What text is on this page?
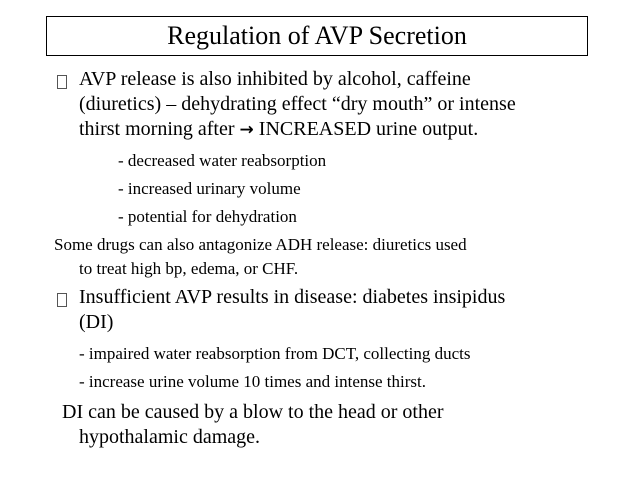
Regulation of AVP Secretion
AVP release is also inhibited by alcohol, caffeine
(diuretics) – dehydrating effect “dry mouth” or intense
thirst morning after → INCREASED urine output.
- decreased water reabsorption
- increased urinary volume
- potential for dehydration
Some drugs can also antagonize ADH release: diuretics used
to treat high bp, edema, or CHF.
Insufficient AVP results in disease: diabetes insipidus
(DI)
- impaired water reabsorption from DCT, collecting ducts
- increase urine volume 10 times and intense thirst.
DI can be caused by a blow to the head or other
hypothalamic damage.
